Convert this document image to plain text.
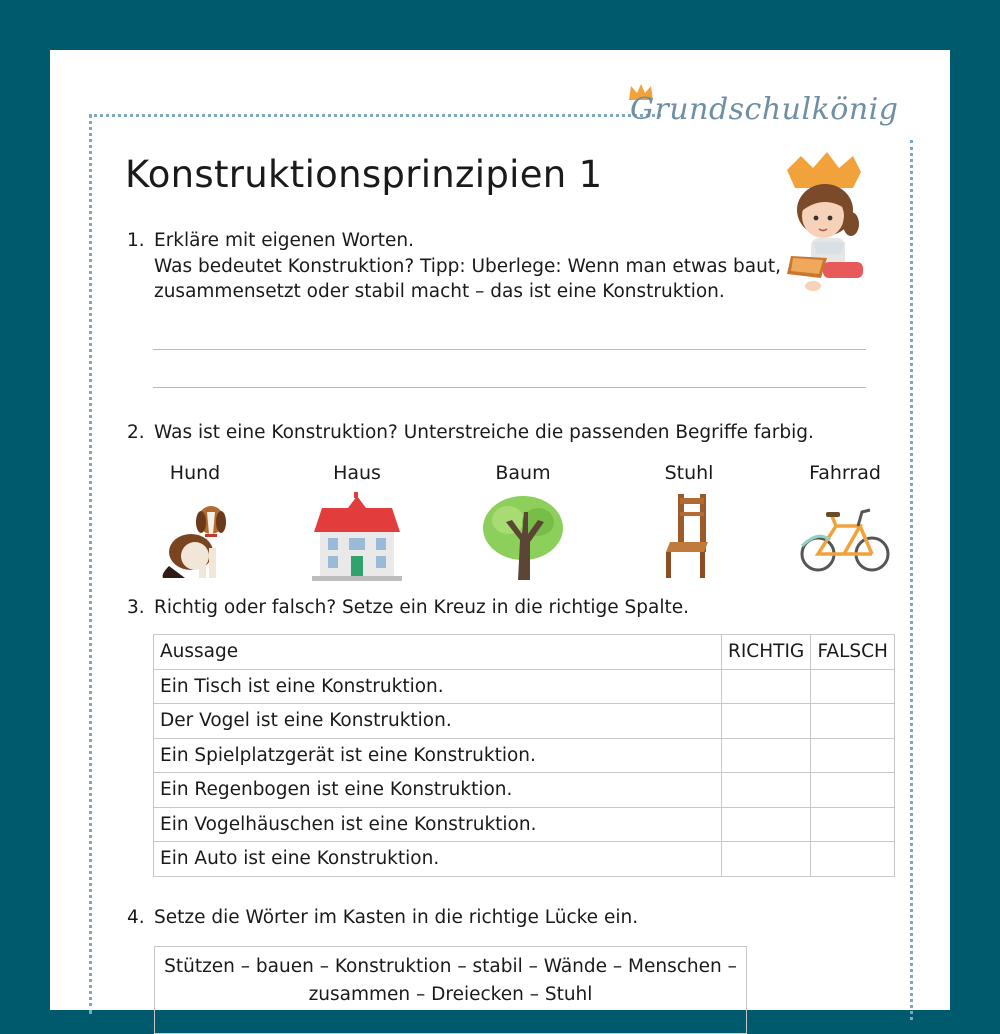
Grundschulkönig
Konstruktionsprinzipien 1
1. Erkläre mit eigenen Worten.
Was bedeutet Konstruktion? Tipp: Uberlege: Wenn man etwas baut,
zusammensetzt oder stabil macht – das ist eine Konstruktion.
2. Was ist eine Konstruktion? Unterstreiche die passenden Begriffe farbig.
Hund	Haus	Baum	Stuhl	Fahrrad
3. Richtig oder falsch? Setze ein Kreuz in die richtige Spalte.
Aussage	RICHTIG	FALSCH
Ein Tisch ist eine Konstruktion.		
Der Vogel ist eine Konstruktion.		
Ein Spielplatzgerät ist eine Konstruktion.		
Ein Regenbogen ist eine Konstruktion.		
Ein Vogelhäuschen ist eine Konstruktion.		
Ein Auto ist eine Konstruktion.		
4. Setze die Wörter im Kasten in die richtige Lücke ein.
Stützen – bauen – Konstruktion – stabil – Wände – Menschen –
zusammen – Dreiecken – Stuhl
